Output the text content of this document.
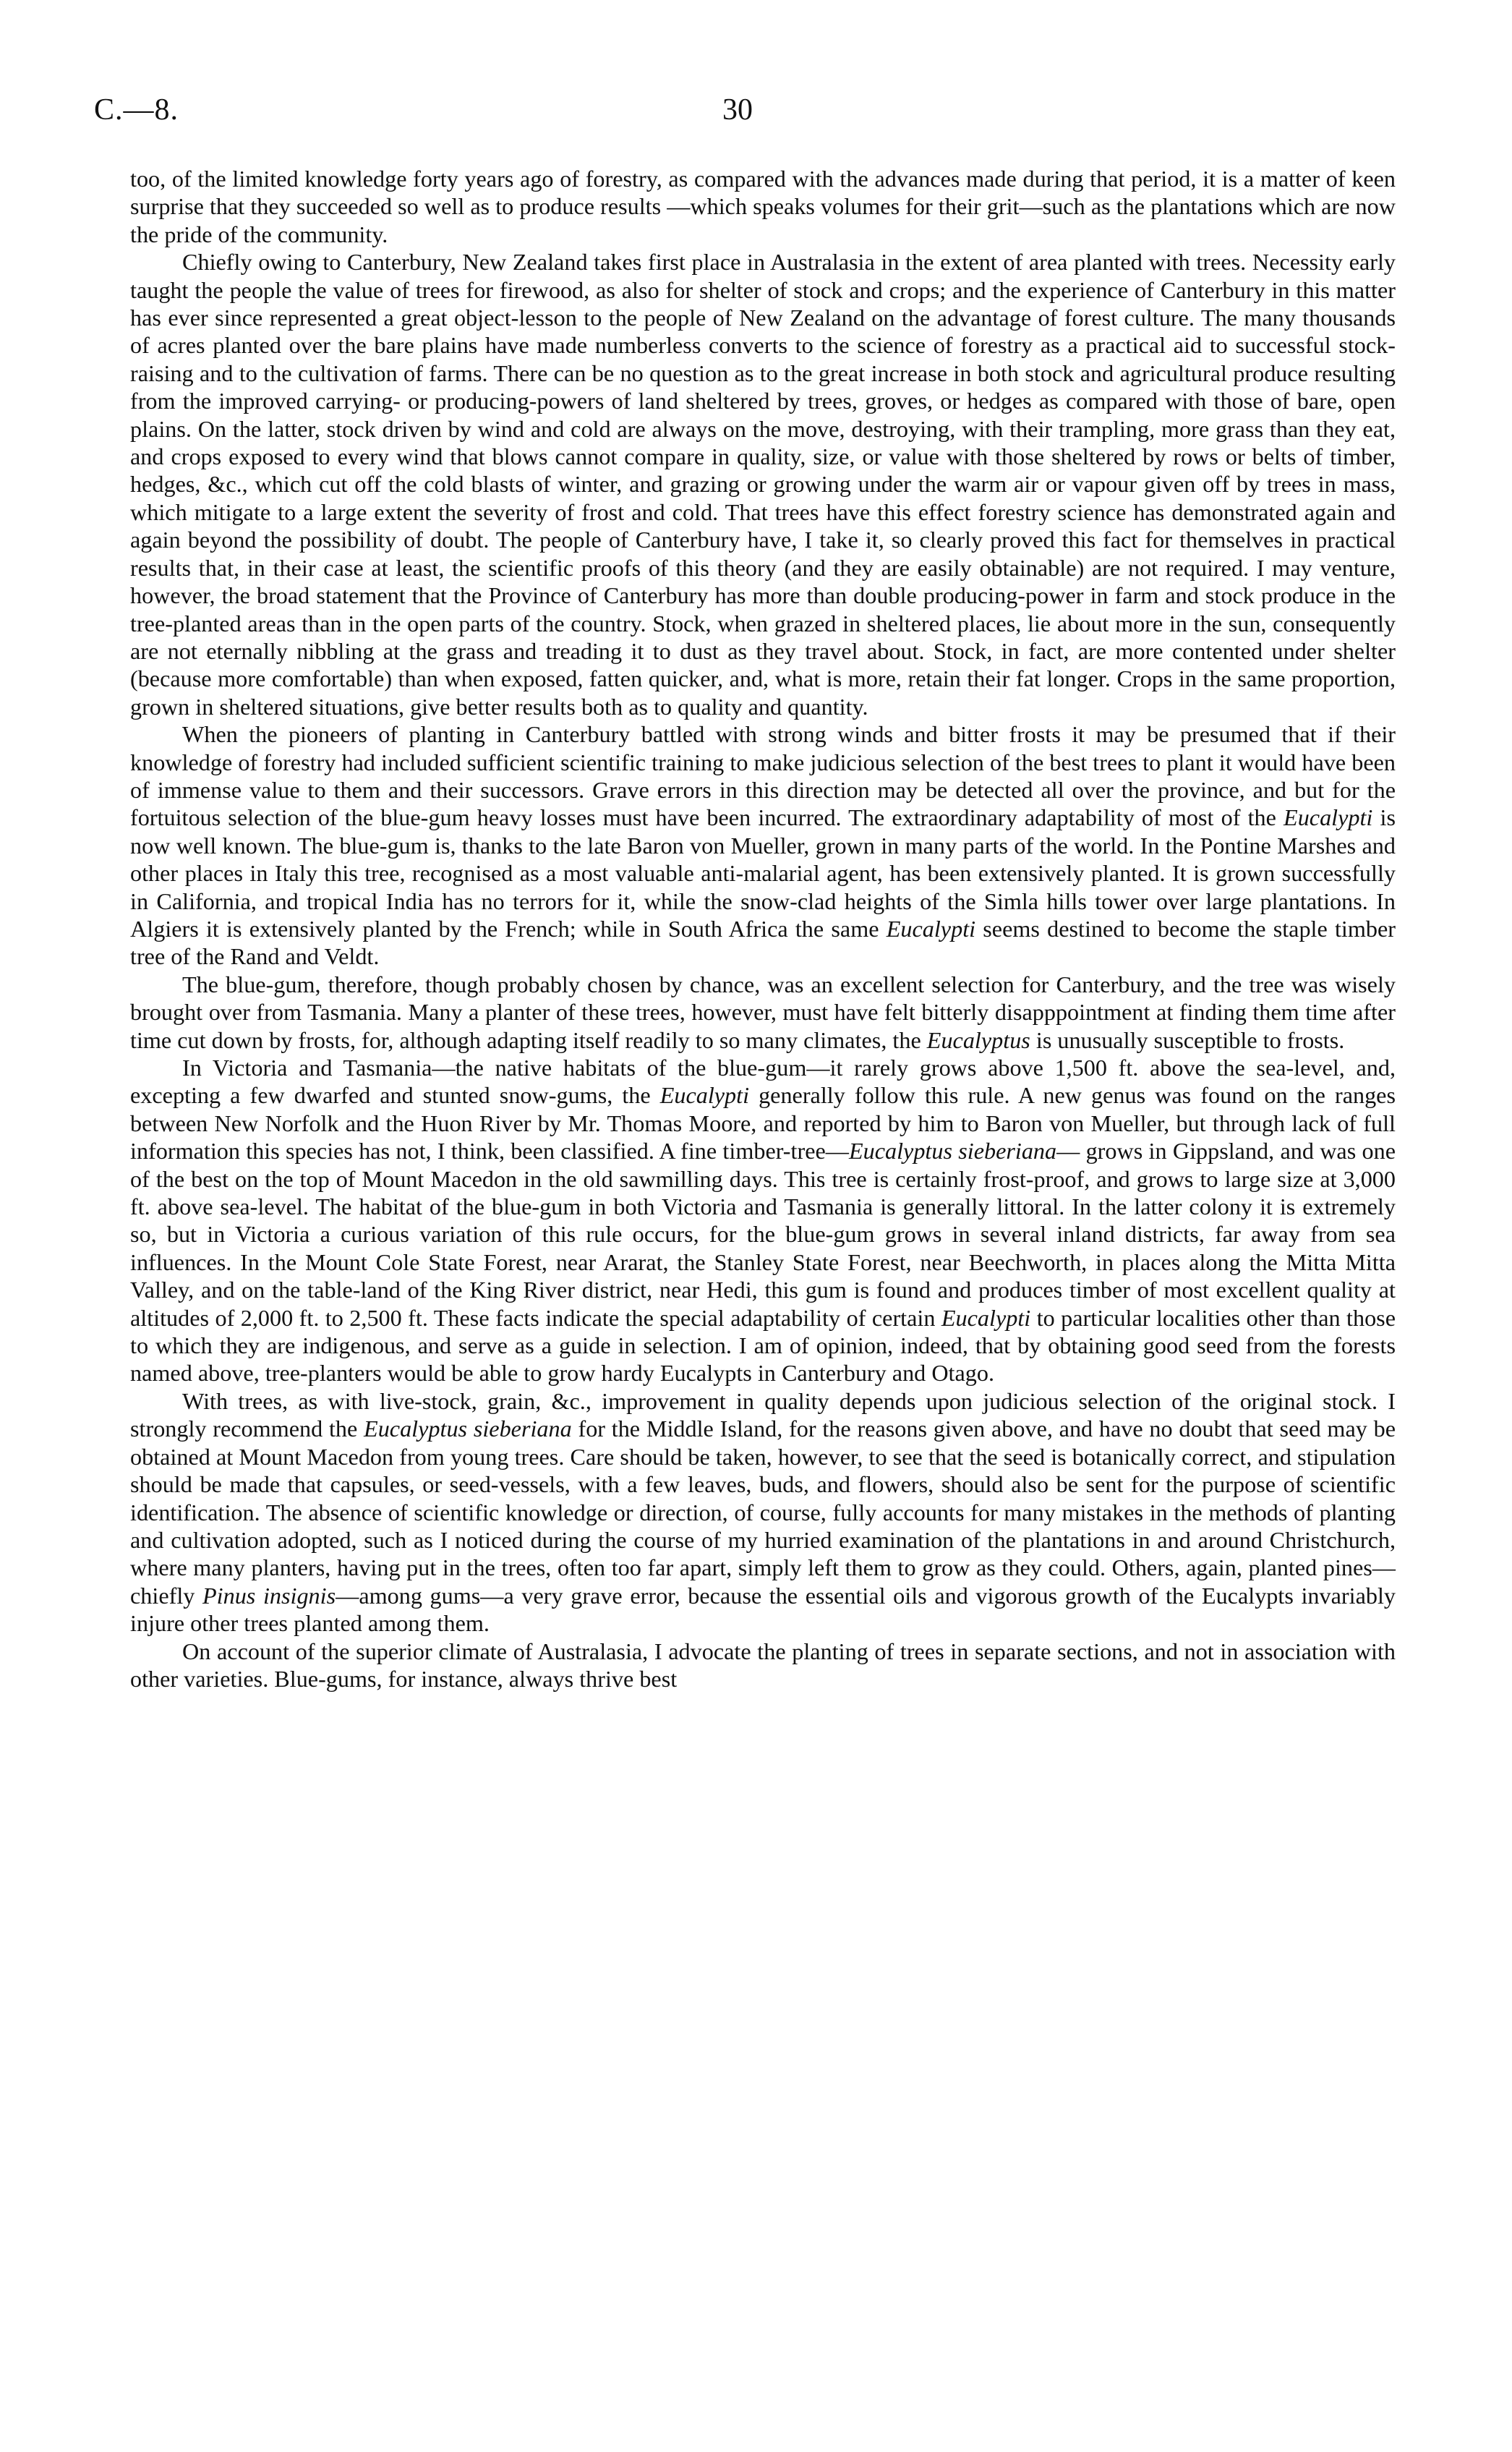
C.—8.	30

too, of the limited knowledge forty years ago of forestry, as compared with the advances made during that period, it is a matter of keen surprise that they succeeded so well as to produce results —which speaks volumes for their grit—such as the plantations which are now the pride of the community.

Chiefly owing to Canterbury, New Zealand takes first place in Australasia in the extent of area planted with trees. Necessity early taught the people the value of trees for firewood, as also for shelter of stock and crops; and the experience of Canterbury in this matter has ever since represented a great object-lesson to the people of New Zealand on the advantage of forest culture. The many thousands of acres planted over the bare plains have made numberless converts to the science of forestry as a practical aid to successful stock-raising and to the cultivation of farms. There can be no question as to the great increase in both stock and agricultural produce resulting from the improved carrying- or producing-powers of land sheltered by trees, groves, or hedges as compared with those of bare, open plains. On the latter, stock driven by wind and cold are always on the move, destroying, with their trampling, more grass than they eat, and crops exposed to every wind that blows cannot compare in quality, size, or value with those sheltered by rows or belts of timber, hedges, &c., which cut off the cold blasts of winter, and grazing or growing under the warm air or vapour given off by trees in mass, which mitigate to a large extent the severity of frost and cold. That trees have this effect forestry science has demonstrated again and again beyond the possibility of doubt. The people of Canterbury have, I take it, so clearly proved this fact for themselves in practical results that, in their case at least, the scientific proofs of this theory (and they are easily obtainable) are not required. I may venture, however, the broad statement that the Province of Canterbury has more than double producing-power in farm and stock produce in the tree-planted areas than in the open parts of the country. Stock, when grazed in sheltered places, lie about more in the sun, consequently are not eternally nibbling at the grass and treading it to dust as they travel about. Stock, in fact, are more contented under shelter (because more comfortable) than when exposed, fatten quicker, and, what is more, retain their fat longer. Crops in the same proportion, grown in sheltered situations, give better results both as to quality and quantity.

When the pioneers of planting in Canterbury battled with strong winds and bitter frosts it may be presumed that if their knowledge of forestry had included sufficient scientific training to make judicious selection of the best trees to plant it would have been of immense value to them and their successors. Grave errors in this direction may be detected all over the province, and but for the fortuitous selection of the blue-gum heavy losses must have been incurred. The extraordinary adaptability of most of the Eucalypti is now well known. The blue-gum is, thanks to the late Baron von Mueller, grown in many parts of the world. In the Pontine Marshes and other places in Italy this tree, recognised as a most valuable anti-malarial agent, has been extensively planted. It is grown successfully in California, and tropical India has no terrors for it, while the snow-clad heights of the Simla hills tower over large plantations. In Algiers it is extensively planted by the French; while in South Africa the same Eucalypti seems destined to become the staple timber tree of the Rand and Veldt.

The blue-gum, therefore, though probably chosen by chance, was an excellent selection for Canterbury, and the tree was wisely brought over from Tasmania. Many a planter of these trees, however, must have felt bitterly disapppointment at finding them time after time cut down by frosts, for, although adapting itself readily to so many climates, the Eucalyptus is unusually susceptible to frosts.

In Victoria and Tasmania—the native habitats of the blue-gum—it rarely grows above 1,500 ft. above the sea-level, and, excepting a few dwarfed and stunted snow-gums, the Eucalypti generally follow this rule. A new genus was found on the ranges between New Norfolk and the Huon River by Mr. Thomas Moore, and reported by him to Baron von Mueller, but through lack of full information this species has not, I think, been classified. A fine timber-tree—Eucalyptus sieberiana— grows in Gippsland, and was one of the best on the top of Mount Macedon in the old sawmilling days. This tree is certainly frost-proof, and grows to large size at 3,000 ft. above sea-level. The habitat of the blue-gum in both Victoria and Tasmania is generally littoral. In the latter colony it is extremely so, but in Victoria a curious variation of this rule occurs, for the blue-gum grows in several inland districts, far away from sea influences. In the Mount Cole State Forest, near Ararat, the Stanley State Forest, near Beechworth, in places along the Mitta Mitta Valley, and on the table-land of the King River district, near Hedi, this gum is found and produces timber of most excellent quality at altitudes of 2,000 ft. to 2,500 ft. These facts indicate the special adaptability of certain Eucalypti to particular localities other than those to which they are indigenous, and serve as a guide in selection. I am of opinion, indeed, that by obtaining good seed from the forests named above, tree-planters would be able to grow hardy Eucalypts in Canterbury and Otago.

With trees, as with live-stock, grain, &c., improvement in quality depends upon judicious selection of the original stock. I strongly recommend the Eucalyptus sieberiana for the Middle Island, for the reasons given above, and have no doubt that seed may be obtained at Mount Macedon from young trees. Care should be taken, however, to see that the seed is botanically correct, and stipulation should be made that capsules, or seed-vessels, with a few leaves, buds, and flowers, should also be sent for the purpose of scientific identification. The absence of scientific knowledge or direction, of course, fully accounts for many mistakes in the methods of planting and cultivation adopted, such as I noticed during the course of my hurried examination of the plantations in and around Christchurch, where many planters, having put in the trees, often too far apart, simply left them to grow as they could. Others, again, planted pines—chiefly Pinus insignis—among gums—a very grave error, because the essential oils and vigorous growth of the Eucalypts invariably injure other trees planted among them.

On account of the superior climate of Australasia, I advocate the planting of trees in separate sections, and not in association with other varieties. Blue-gums, for instance, always thrive best
